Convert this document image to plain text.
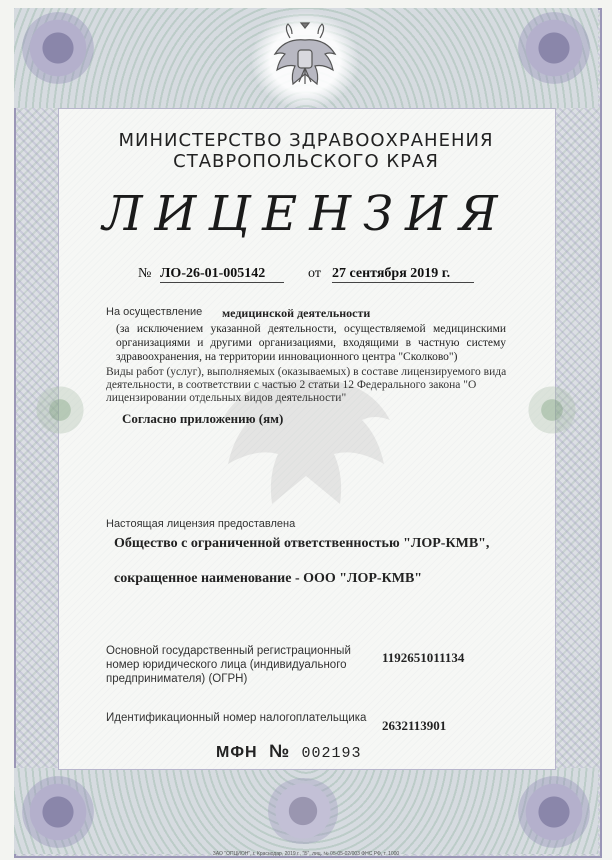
МИНИСТЕРСТВО ЗДРАВООХРАНЕНИЯ
СТАВРОПОЛЬСКОГО КРАЯ
ЛИЦЕНЗИЯ
№ ЛО-26-01-005142	от 27 сентября 2019 г.
На осуществление медицинской деятельности
(за исключением указанной деятельности, осуществляемой медицинскими организациями и другими организациями, входящими в частную систему здравоохранения, на территории инновационного центра "Сколково")
Виды работ (услуг), выполняемых (оказываемых) в составе лицензируемого вида деятельности, в соответствии с частью 2 статьи 12 Федерального закона "О лицензировании отдельных видов деятельности"
Согласно приложению (ям)
Настоящая лицензия предоставлена
Общество с ограниченной ответственностью "ЛОР-КМВ",
сокращенное наименование - ООО "ЛОР-КМВ"
Основной государственный регистрационный номер юридического лица (индивидуального предпринимателя) (ОГРН)
1192651011134
Идентификационный номер налогоплательщика 2632113901
МФН № 002193
ЗАО "ОПЦИОН", г. Краснодар, 2019 г., "Б", лиц. № 05-05-02/003 ФНС РФ, т. 1000
